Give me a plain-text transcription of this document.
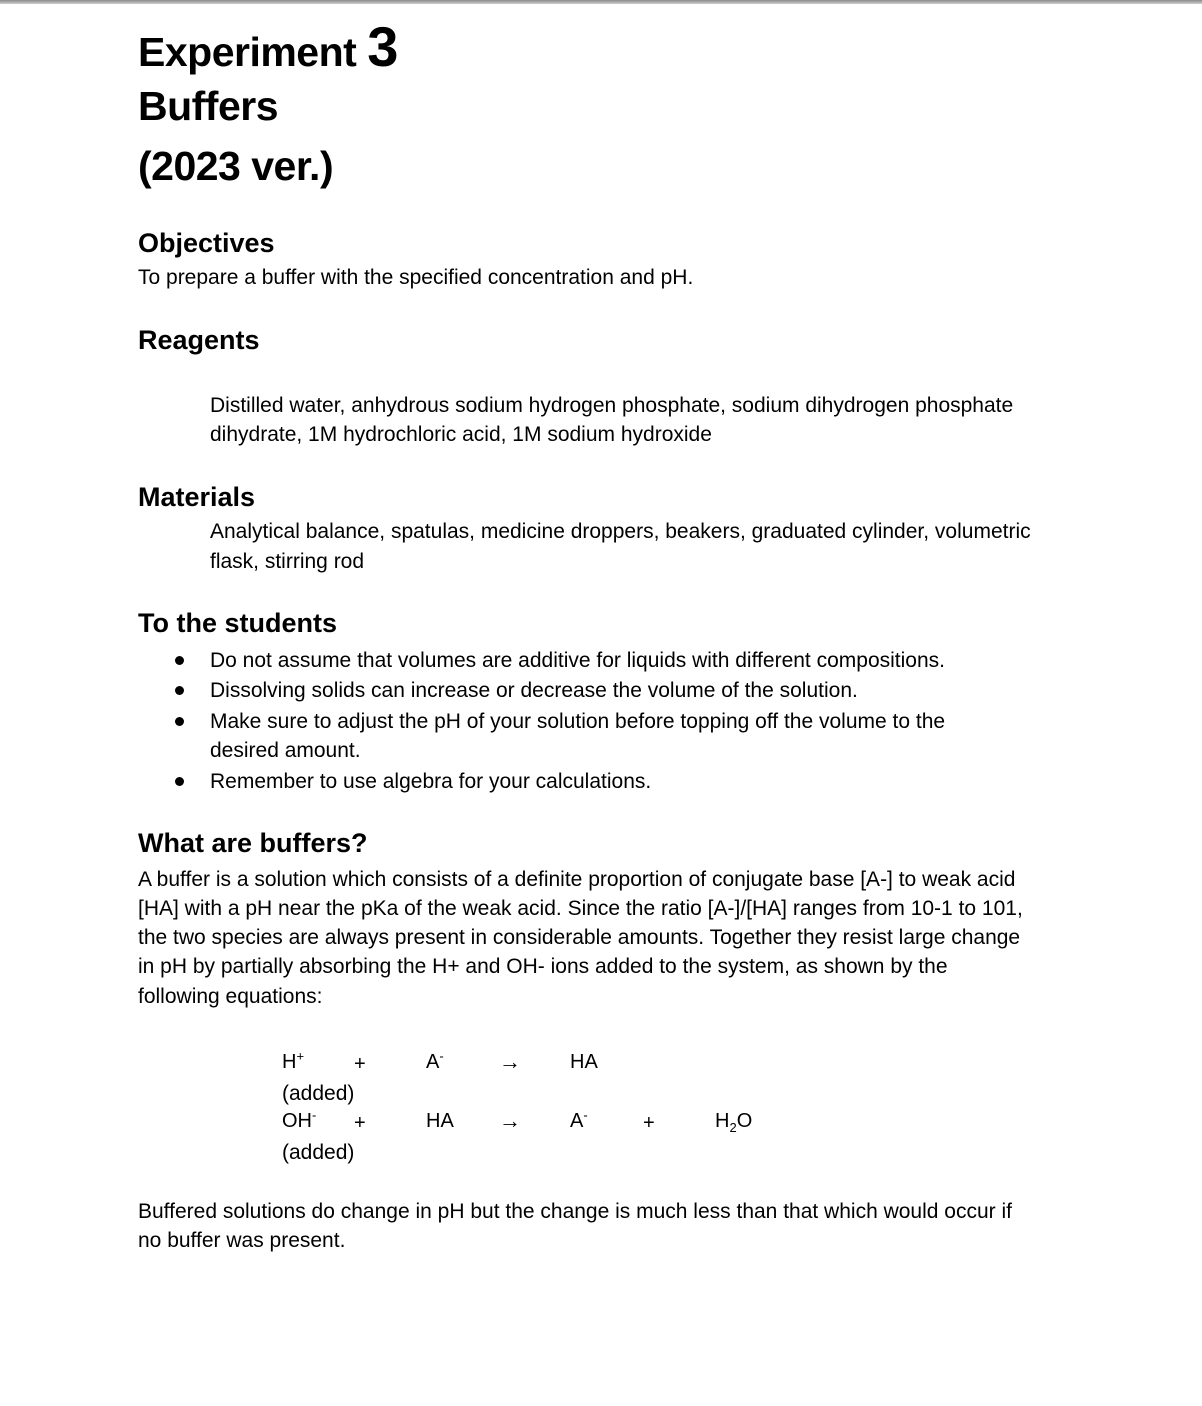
Experiment 3
Buffers
(2023 ver.)
Objectives
To prepare a buffer with the specified concentration and pH.
Reagents
Distilled water, anhydrous sodium hydrogen phosphate, sodium dihydrogen phosphate
dihydrate, 1M hydrochloric acid, 1M sodium hydroxide
Materials
Analytical balance, spatulas, medicine droppers, beakers, graduated cylinder, volumetric
flask, stirring rod
To the students
Do not assume that volumes are additive for liquids with different compositions.
Dissolving solids can increase or decrease the volume of the solution.
Make sure to adjust the pH of your solution before topping off the volume to the
desired amount.
Remember to use algebra for your calculations.
What are buffers?
A buffer is a solution which consists of a definite proportion of conjugate base [A-] to weak acid
[HA] with a pH near the pKa of the weak acid. Since the ratio [A-]/[HA] ranges from 10-1 to 101,
the two species are always present in considerable amounts. Together they resist large change
in pH by partially absorbing the H+ and OH- ions added to the system, as shown by the
following equations:
H+ +	A-	→ HA
(added)
OH- +	HA → A-	+	$H_2O$
(added)
Buffered solutions do change in pH but the change is much less than that which would occur if
no buffer was present.
